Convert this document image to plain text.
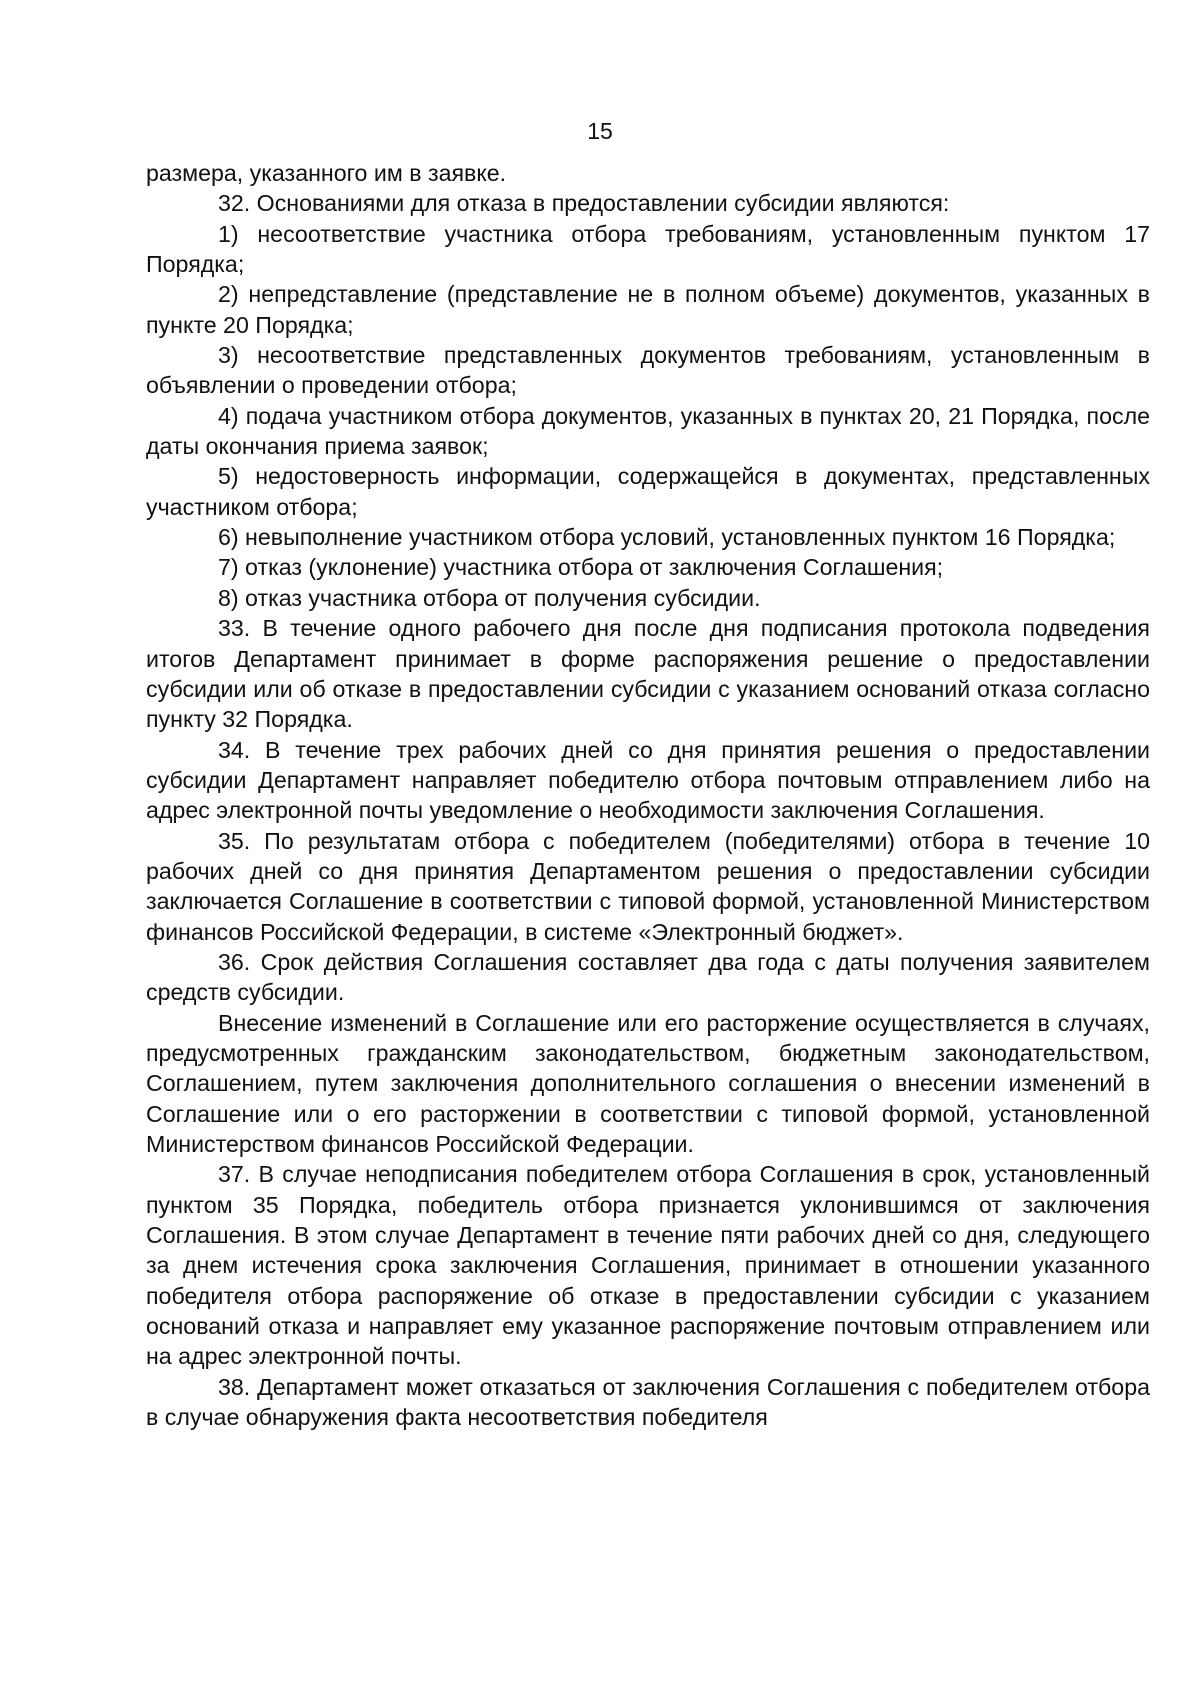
15

размера, указанного им в заявке.

32. Основаниями для отказа в предоставлении субсидии являются:

1) несоответствие участника отбора требованиям, установленным пунктом 17 Порядка;

2) непредставление (представление не в полном объеме) документов, указанных в пункте 20 Порядка;

3) несоответствие представленных документов требованиям, установленным в объявлении о проведении отбора;

4) подача участником отбора документов, указанных в пунктах 20, 21 Порядка, после даты окончания приема заявок;

5) недостоверность информации, содержащейся в документах, представленных участником отбора;

6) невыполнение участником отбора условий, установленных пунктом 16 Порядка;

7) отказ (уклонение) участника отбора от заключения Соглашения;

8) отказ участника отбора от получения субсидии.

33. В течение одного рабочего дня после дня подписания протокола подведения итогов Департамент принимает в форме распоряжения решение о предоставлении субсидии или об отказе в предоставлении субсидии с указанием оснований отказа согласно пункту 32 Порядка.

34. В течение трех рабочих дней со дня принятия решения о предоставлении субсидии Департамент направляет победителю отбора почтовым отправлением либо на адрес электронной почты уведомление о необходимости заключения Соглашения.

35. По результатам отбора с победителем (победителями) отбора в течение 10 рабочих дней со дня принятия Департаментом решения о предоставлении субсидии заключается Соглашение в соответствии с типовой формой, установленной Министерством финансов Российской Федерации, в системе «Электронный бюджет».

36. Срок действия Соглашения составляет два года с даты получения заявителем средств субсидии.

Внесение изменений в Соглашение или его расторжение осуществляется в случаях, предусмотренных гражданским законодательством, бюджетным законодательством, Соглашением, путем заключения дополнительного соглашения о внесении изменений в Соглашение или о его расторжении в соответствии с типовой формой, установленной Министерством финансов Российской Федерации.

37. В случае неподписания победителем отбора Соглашения в срок, установленный пунктом 35 Порядка, победитель отбора признается уклонившимся от заключения Соглашения. В этом случае Департамент в течение пяти рабочих дней со дня, следующего за днем истечения срока заключения Соглашения, принимает в отношении указанного победителя отбора распоряжение об отказе в предоставлении субсидии с указанием оснований отказа и направляет ему указанное распоряжение почтовым отправлением или на адрес электронной почты.

38. Департамент может отказаться от заключения Соглашения с победителем отбора в случае обнаружения факта несоответствия победителя
